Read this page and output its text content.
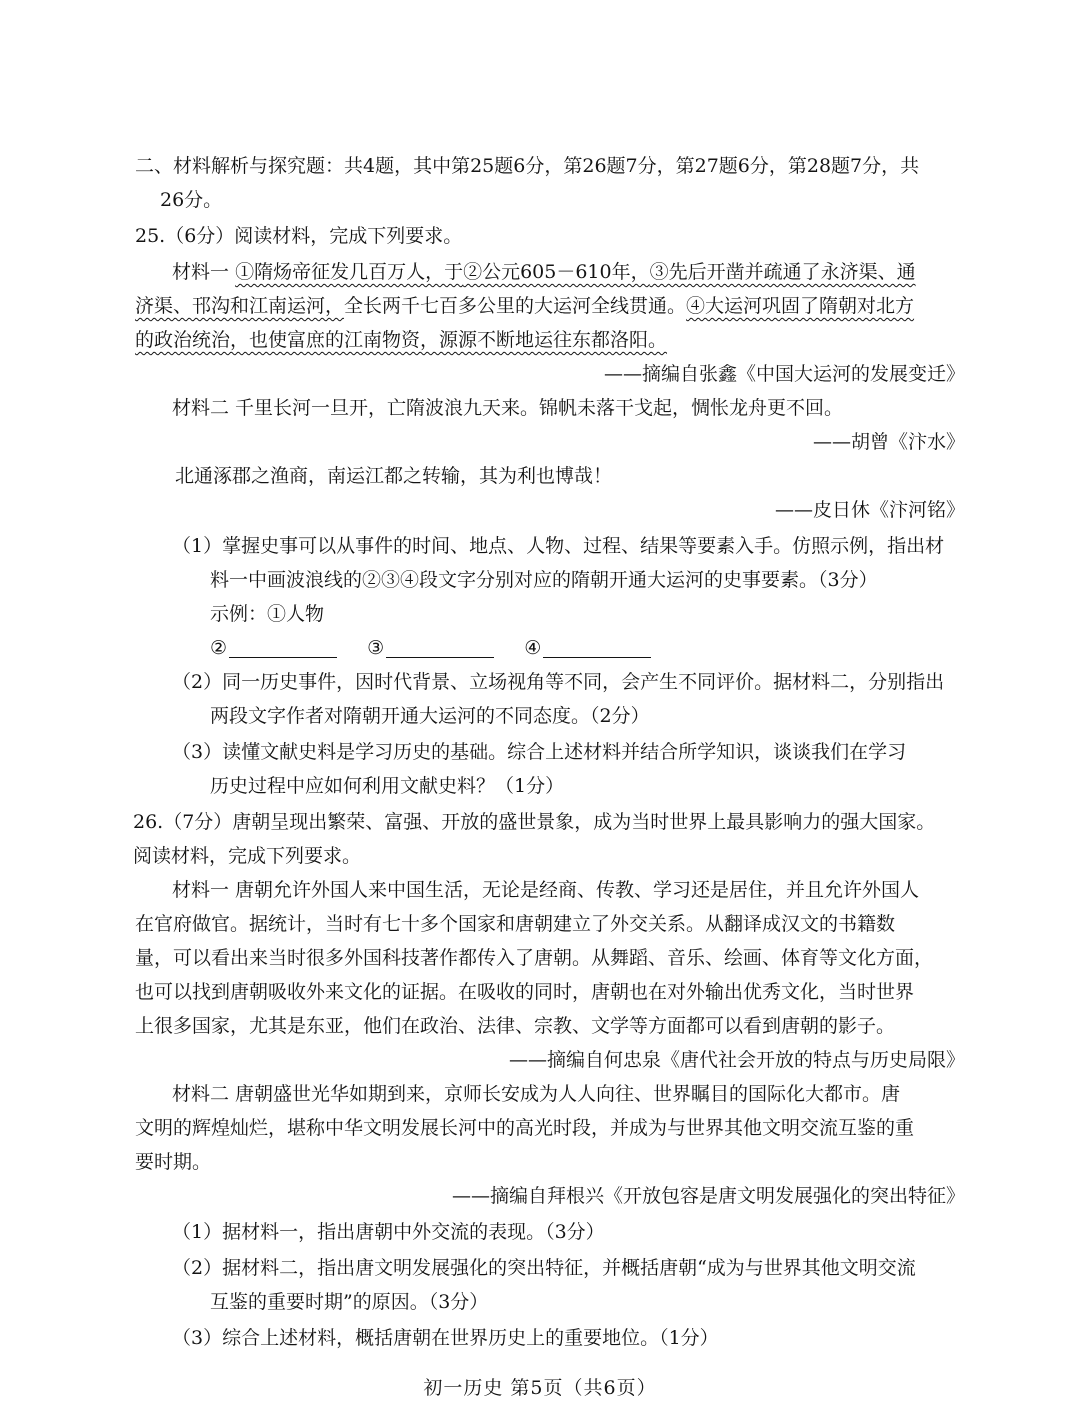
二、材料解析与探究题：共4题，其中第25题6分，第26题7分，第27题6分，第28题7分，共
26分。
25.（6分）阅读材料，完成下列要求。
材料一 ①隋炀帝征发几百万人，于②公元605－610年，③先后开凿并疏通了永济渠、通
济渠、邗沟和江南运河，全长两千七百多公里的大运河全线贯通。④大运河巩固了隋朝对北方
的政治统治，也使富庶的江南物资，源源不断地运往东都洛阳。
——摘编自张鑫《中国大运河的发展变迁》
材料二 千里长河一旦开，亡隋波浪九天来。锦帆未落干戈起，惆怅龙舟更不回。
——胡曾《汴水》
北通涿郡之渔商，南运江都之转输，其为利也博哉！
——皮日休《汴河铭》
（1）掌握史事可以从事件的时间、地点、人物、过程、结果等要素入手。仿照示例，指出材
料一中画波浪线的②③④段文字分别对应的隋朝开通大运河的史事要素。（3分）
示例：①人物
②	③	④
（2）同一历史事件，因时代背景、立场视角等不同，会产生不同评价。据材料二，分别指出
两段文字作者对隋朝开通大运河的不同态度。（2分）
（3）读懂文献史料是学习历史的基础。综合上述材料并结合所学知识，谈谈我们在学习
历史过程中应如何利用文献史料？（1分）
26.（7分）唐朝呈现出繁荣、富强、开放的盛世景象，成为当时世界上最具影响力的强大国家。
阅读材料，完成下列要求。
材料一 唐朝允许外国人来中国生活，无论是经商、传教、学习还是居住，并且允许外国人
在官府做官。据统计，当时有七十多个国家和唐朝建立了外交关系。从翻译成汉文的书籍数
量，可以看出来当时很多外国科技著作都传入了唐朝。从舞蹈、音乐、绘画、体育等文化方面，
也可以找到唐朝吸收外来文化的证据。在吸收的同时，唐朝也在对外输出优秀文化，当时世界
上很多国家，尤其是东亚，他们在政治、法律、宗教、文学等方面都可以看到唐朝的影子。
——摘编自何忠泉《唐代社会开放的特点与历史局限》
材料二 唐朝盛世光华如期到来，京师长安成为人人向往、世界瞩目的国际化大都市。唐
文明的辉煌灿烂，堪称中华文明发展长河中的高光时段，并成为与世界其他文明交流互鉴的重
要时期。
——摘编自拜根兴《开放包容是唐文明发展强化的突出特征》
（1）据材料一，指出唐朝中外交流的表现。（3分）
（2）据材料二，指出唐文明发展强化的突出特征，并概括唐朝“成为与世界其他文明交流
互鉴的重要时期”的原因。（3分）
（3）综合上述材料，概括唐朝在世界历史上的重要地位。（1分）
初一历史 第5页（共6页）
